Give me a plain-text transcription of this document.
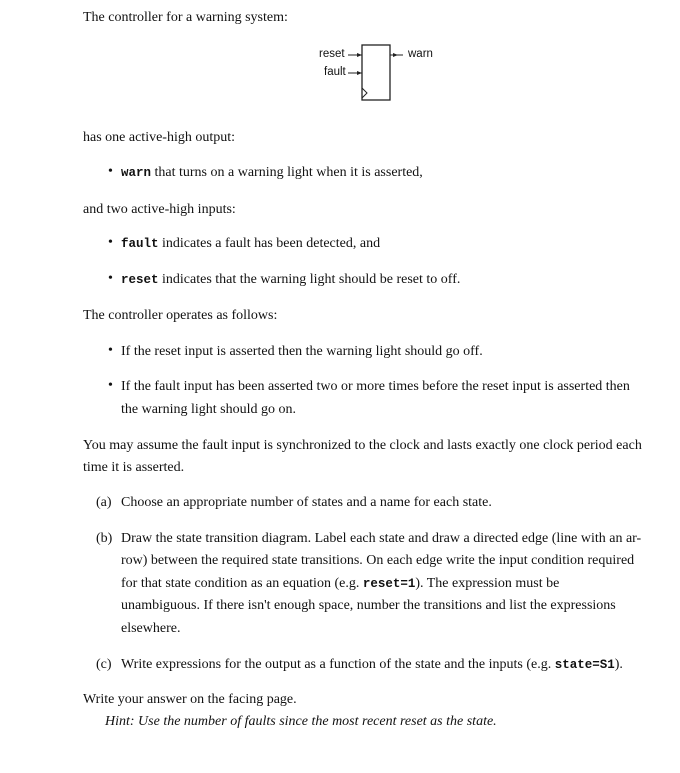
The controller for a warning system:
reset
fault
warn
has one active-high output:
• warn that turns on a warning light when it is asserted,
and two active-high inputs:
• fault indicates a fault has been detected, and
• reset indicates that the warning light should be reset to off.
The controller operates as follows:
• If the reset input is asserted then the warning light should go off.
• If the fault input has been asserted two or more times before the reset input is asserted then
the warning light should go on.
You may assume the fault input is synchronized to the clock and lasts exactly one clock period each
time it is asserted.
(a) Choose an appropriate number of states and a name for each state.
(b) Draw the state transition diagram. Label each state and draw a directed edge (line with an ar-
row) between the required state transitions. On each edge write the input condition required
for that state condition as an equation (e.g. reset=1). The expression must be
unambiguous. If there isn't enough space, number the transitions and list the expressions
elsewhere.
(c) Write expressions for the output as a function of the state and the inputs (e.g. state=S1).
Write your answer on the facing page.
Hint: Use the number of faults since the most recent reset as the state.
